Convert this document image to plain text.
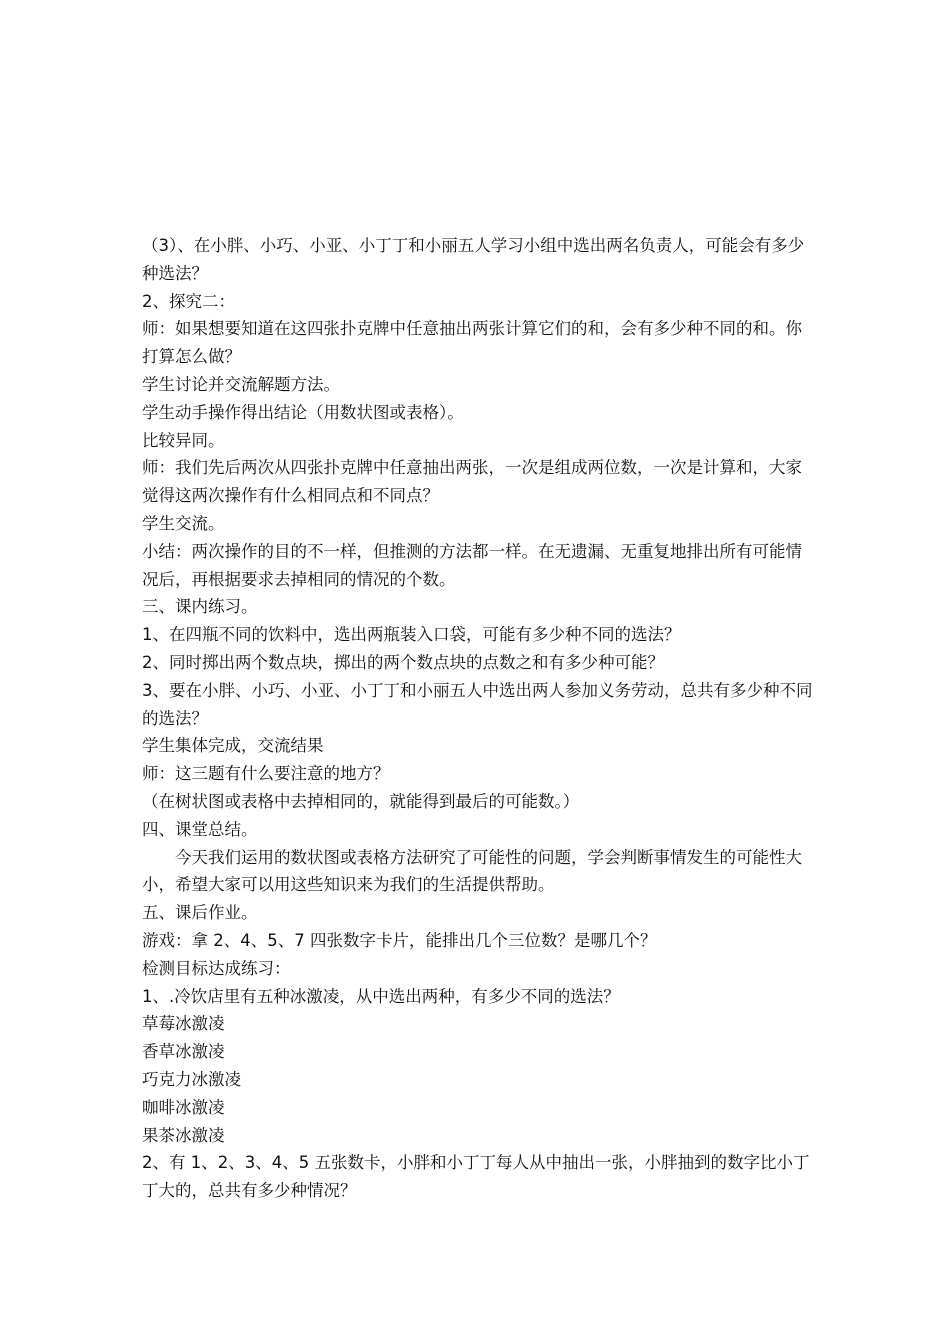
（3）、在小胖、小巧、小亚、小丁丁和小丽五人学习小组中选出两名负责人，可能会有多少种选法？

2、探究二：

师：如果想要知道在这四张扑克牌中任意抽出两张计算它们的和，会有多少种不同的和。你打算怎么做？

学生讨论并交流解题方法。

学生动手操作得出结论（用数状图或表格）。

比较异同。

师：我们先后两次从四张扑克牌中任意抽出两张，一次是组成两位数，一次是计算和，大家觉得这两次操作有什么相同点和不同点？

学生交流。

小结：两次操作的目的不一样，但推测的方法都一样。在无遗漏、无重复地排出所有可能情况后，再根据要求去掉相同的情况的个数。

三、课内练习。

1、在四瓶不同的饮料中，选出两瓶装入口袋，可能有多少种不同的选法？

2、同时掷出两个数点块，掷出的两个数点块的点数之和有多少种可能？

3、要在小胖、小巧、小亚、小丁丁和小丽五人中选出两人参加义务劳动，总共有多少种不同的选法？

学生集体完成，交流结果

师：这三题有什么要注意的地方？

（在树状图或表格中去掉相同的，就能得到最后的可能数。）

四、课堂总结。

今天我们运用的数状图或表格方法研究了可能性的问题，学会判断事情发生的可能性大小，希望大家可以用这些知识来为我们的生活提供帮助。

五、课后作业。

游戏：拿 2、4、5、7 四张数字卡片，能排出几个三位数？是哪几个？

检测目标达成练习：

1、.冷饮店里有五种冰激凌，从中选出两种，有多少不同的选法？

草莓冰激凌

香草冰激凌

巧克力冰激凌

咖啡冰激凌

果茶冰激凌

2、有 1、2、3、4、5 五张数卡，小胖和小丁丁每人从中抽出一张，小胖抽到的数字比小丁丁大的，总共有多少种情况？
